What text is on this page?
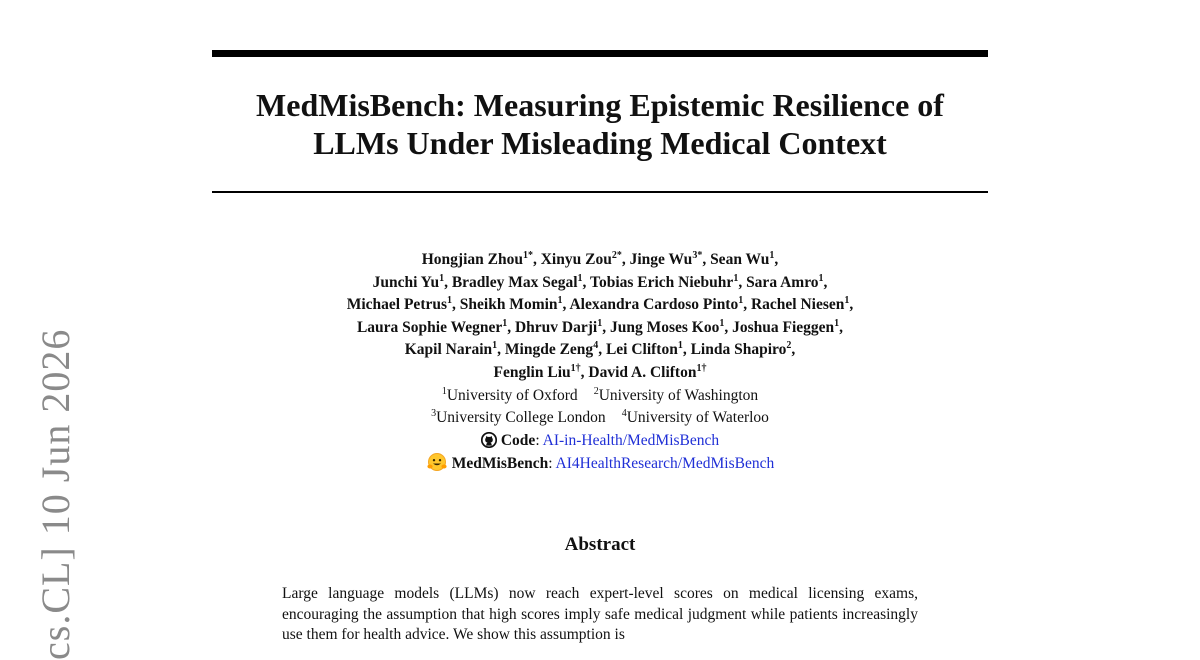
cs.CL] 10 Jun 2026
MedMisBench: Measuring Epistemic Resilience of
LLMs Under Misleading Medical Context
Hongjian Zhou$^{1*}$, Xinyu Zou$^{2*}$, Jinge $Wu^{3*}$, Sean Wu$^1$,
Junchi Yu$^1$, Bradley Max Segal$^1$, Tobias Erich Niebuhr$^1$, Sara Amro$^1$,
Michael Petrus$^1$, Sheikh Momin$^1$, Alexandra Cardoso Pinto$^1$, Rachel Niesen$^1$,
Laura Sophie Wegner$^1$, Dhruv Darji$^1$, Jung Moses Koo$^1$, Joshua Fieggen$^1$,
Kapil Narain$^1$, Mingde Zeng$^4$, Lei Clifton$^1$, Linda Shapiro$^2$,
Fenglin Liu$^{1\dagger}$, David A. Clifton$^{1\dagger}$
$^1$University of Oxford $^2$University of Washington
$^3$University College London $^4$University of Waterloo
Code: AI-in-Health/MedMisBench
MedMisBench: AI4HealthResearch/MedMisBench
Abstract
Large language models (LLMs) now reach expert-level scores on medical licensing exams, encouraging the assumption that high scores imply safe medical judgment while patients increasingly use them for health advice. We show this assumption is
